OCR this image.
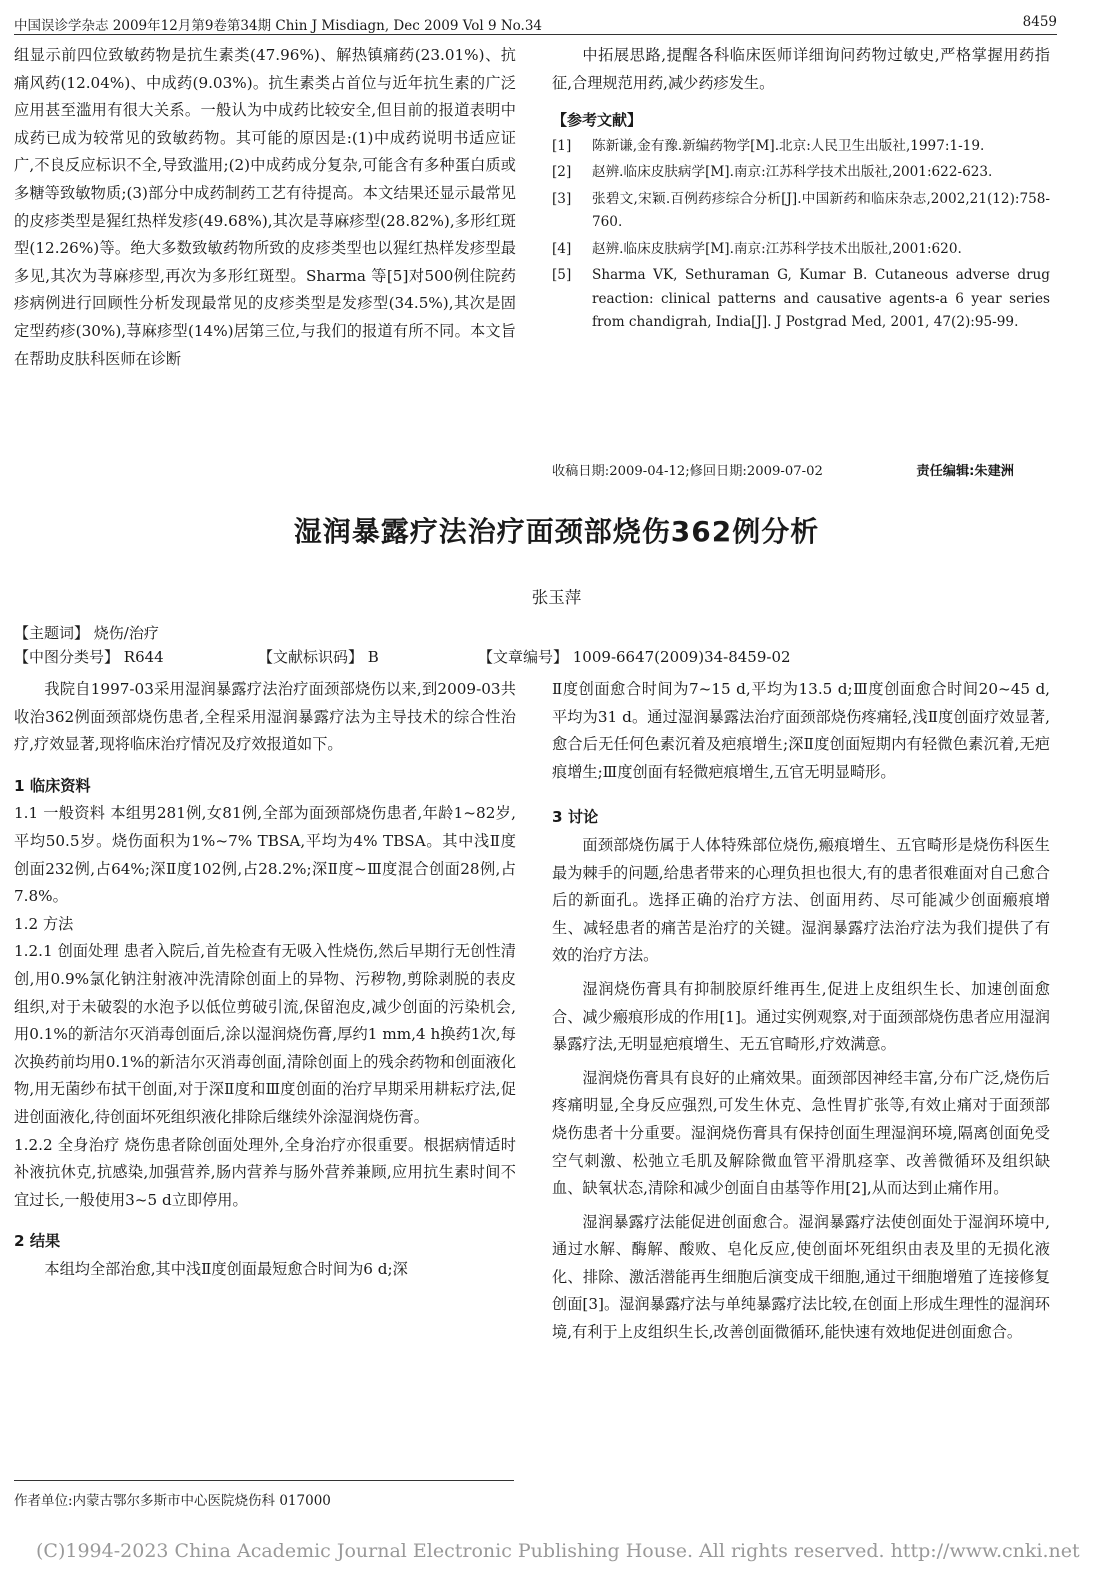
中国误诊学杂志 2009年12月第9卷第34期 Chin J Misdiagn, Dec 2009 Vol 9 No.34	8459

组显示前四位致敏药物是抗生素类(47.96%)、解热镇痛药(23.01%)、抗痛风药(12.04%)、中成药(9.03%)。抗生素类占首位与近年抗生素的广泛应用甚至滥用有很大关系。一般认为中成药比较安全,但目前的报道表明中成药已成为较常见的致敏药物。其可能的原因是:(1)中成药说明书适应证广,不良反应标识不全,导致滥用;(2)中成药成分复杂,可能含有多种蛋白质或多糖等致敏物质;(3)部分中成药制药工艺有待提高。本文结果还显示最常见的皮疹类型是猩红热样发疹(49.68%),其次是荨麻疹型(28.82%),多形红斑型(12.26%)等。绝大多数致敏药物所致的皮疹类型也以猩红热样发疹型最多见,其次为荨麻疹型,再次为多形红斑型。Sharma 等[5]对500例住院药疹病例进行回顾性分析发现最常见的皮疹类型是发疹型(34.5%),其次是固定型药疹(30%),荨麻疹型(14%)居第三位,与我们的报道有所不同。本文旨在帮助皮肤科医师在诊断

中拓展思路,提醒各科临床医师详细询问药物过敏史,严格掌握用药指征,合理规范用药,减少药疹发生。

【参考文献】
[1]	陈新谦,金有豫.新编药物学[M].北京:人民卫生出版社,1997:1-19.
[2]	赵辨.临床皮肤病学[M].南京:江苏科学技术出版社,2001:622-623.
[3]	张碧文,宋颖.百例药疹综合分析[J].中国新药和临床杂志,2002,21(12):758-760.
[4]	赵辨.临床皮肤病学[M].南京:江苏科学技术出版社,2001:620.
[5]	Sharma VK, Sethuraman G, Kumar B. Cutaneous adverse drug reaction: clinical patterns and causative agents-a 6 year series from chandigrah, India[J]. J Postgrad Med, 2001, 47(2):95-99.
收稿日期:2009-04-12;修回日期:2009-07-02	责任编辑:朱建洲
湿润暴露疗法治疗面颈部烧伤362例分析
张玉萍
【主题词】 烧伤/治疗
【中图分类号】 R644	【文献标识码】 B	【文章编号】 1009-6647(2009)34-8459-02

我院自1997-03采用湿润暴露疗法治疗面颈部烧伤以来,到2009-03共收治362例面颈部烧伤患者,全程采用湿润暴露疗法为主导技术的综合性治疗,疗效显著,现将临床治疗情况及疗效报道如下。

1 临床资料

1.1 一般资料 本组男281例,女81例,全部为面颈部烧伤患者,年龄1~82岁,平均50.5岁。烧伤面积为1%~7% TBSA,平均为4% TBSA。其中浅Ⅱ度创面232例,占64%;深Ⅱ度102例,占28.2%;深Ⅱ度~Ⅲ度混合创面28例,占7.8%。

1.2 方法

1.2.1 创面处理 患者入院后,首先检查有无吸入性烧伤,然后早期行无创性清创,用0.9%氯化钠注射液冲洗清除创面上的异物、污秽物,剪除剥脱的表皮组织,对于未破裂的水泡予以低位剪破引流,保留泡皮,减少创面的污染机会,用0.1%的新洁尔灭消毒创面后,涂以湿润烧伤膏,厚约1 mm,4 h换药1次,每次换药前均用0.1%的新洁尔灭消毒创面,清除创面上的残余药物和创面液化物,用无菌纱布拭干创面,对于深Ⅱ度和Ⅲ度创面的治疗早期采用耕耘疗法,促进创面液化,待创面坏死组织液化排除后继续外涂湿润烧伤膏。

1.2.2 全身治疗 烧伤患者除创面处理外,全身治疗亦很重要。根据病情适时补液抗休克,抗感染,加强营养,肠内营养与肠外营养兼顾,应用抗生素时间不宜过长,一般使用3~5 d立即停用。

2 结果

本组均全部治愈,其中浅Ⅱ度创面最短愈合时间为6 d;深

Ⅱ度创面愈合时间为7~15 d,平均为13.5 d;Ⅲ度创面愈合时间20~45 d,平均为31 d。通过湿润暴露法治疗面颈部烧伤疼痛轻,浅Ⅱ度创面疗效显著,愈合后无任何色素沉着及疤痕增生;深Ⅱ度创面短期内有轻微色素沉着,无疤痕增生;Ⅲ度创面有轻微疤痕增生,五官无明显畸形。

3 讨论

面颈部烧伤属于人体特殊部位烧伤,瘢痕增生、五官畸形是烧伤科医生最为棘手的问题,给患者带来的心理负担也很大,有的患者很难面对自己愈合后的新面孔。选择正确的治疗方法、创面用药、尽可能减少创面瘢痕增生、减轻患者的痛苦是治疗的关键。湿润暴露疗法治疗法为我们提供了有效的治疗方法。

湿润烧伤膏具有抑制胶原纤维再生,促进上皮组织生长、加速创面愈合、减少瘢痕形成的作用[1]。通过实例观察,对于面颈部烧伤患者应用湿润暴露疗法,无明显疤痕增生、无五官畸形,疗效满意。

湿润烧伤膏具有良好的止痛效果。面颈部因神经丰富,分布广泛,烧伤后疼痛明显,全身反应强烈,可发生休克、急性胃扩张等,有效止痛对于面颈部烧伤患者十分重要。湿润烧伤膏具有保持创面生理湿润环境,隔离创面免受空气刺激、松弛立毛肌及解除微血管平滑肌痉挛、改善微循环及组织缺血、缺氧状态,清除和减少创面自由基等作用[2],从而达到止痛作用。

湿润暴露疗法能促进创面愈合。湿润暴露疗法使创面处于湿润环境中,通过水解、酶解、酸败、皂化反应,使创面坏死组织由表及里的无损化液化、排除、激活潜能再生细胞后演变成干细胞,通过干细胞增殖了连接修复创面[3]。湿润暴露疗法与单纯暴露疗法比较,在创面上形成生理性的湿润环境,有利于上皮组织生长,改善创面微循环,能快速有效地促进创面愈合。

作者单位:内蒙古鄂尔多斯市中心医院烧伤科 017000
(C)1994-2023 China Academic Journal Electronic Publishing House. All rights reserved. http://www.cnki.net
